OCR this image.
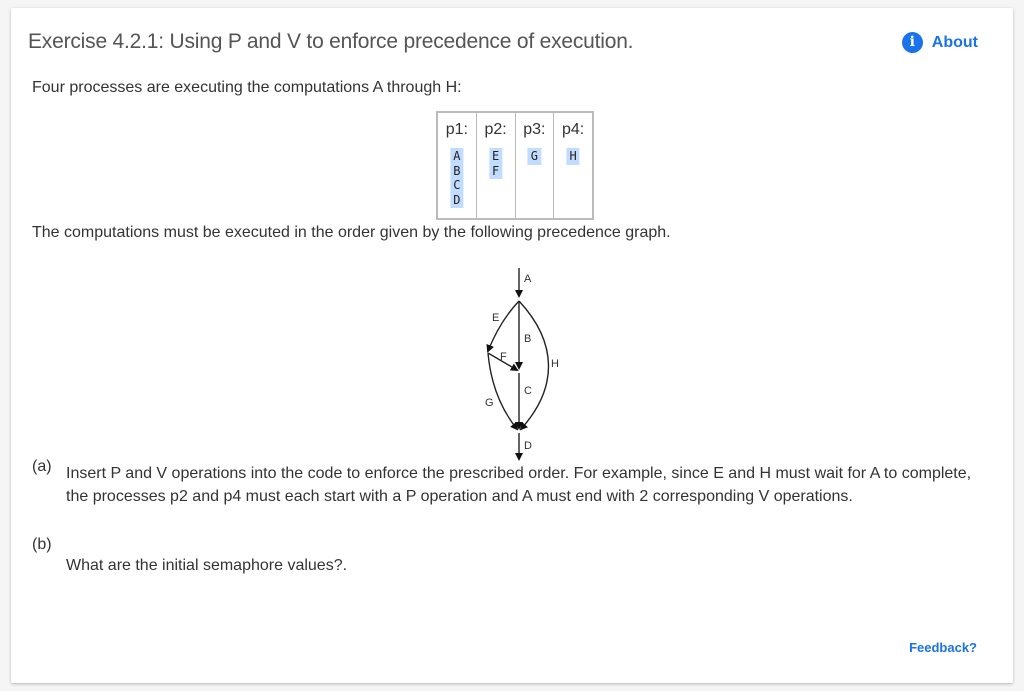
Exercise 4.2.1: Using P and V to enforce precedence of execution.	i	About

Four processes are executing the computations A through H:

p1:
A
B
C
D
p2:
E
F
p3:
G
p4:
H

The computations must be executed in the order given by the following precedence graph.

A
B
C
D
E
F
G
H
(a) Insert P and V operations into the code to enforce the prescribed order. For example, since E and H must wait for A to complete, the processes p2 and p4 must each start with a P operation and A must end with 2 corresponding V operations.
(b)
What are the initial semaphore values?.
Feedback?
